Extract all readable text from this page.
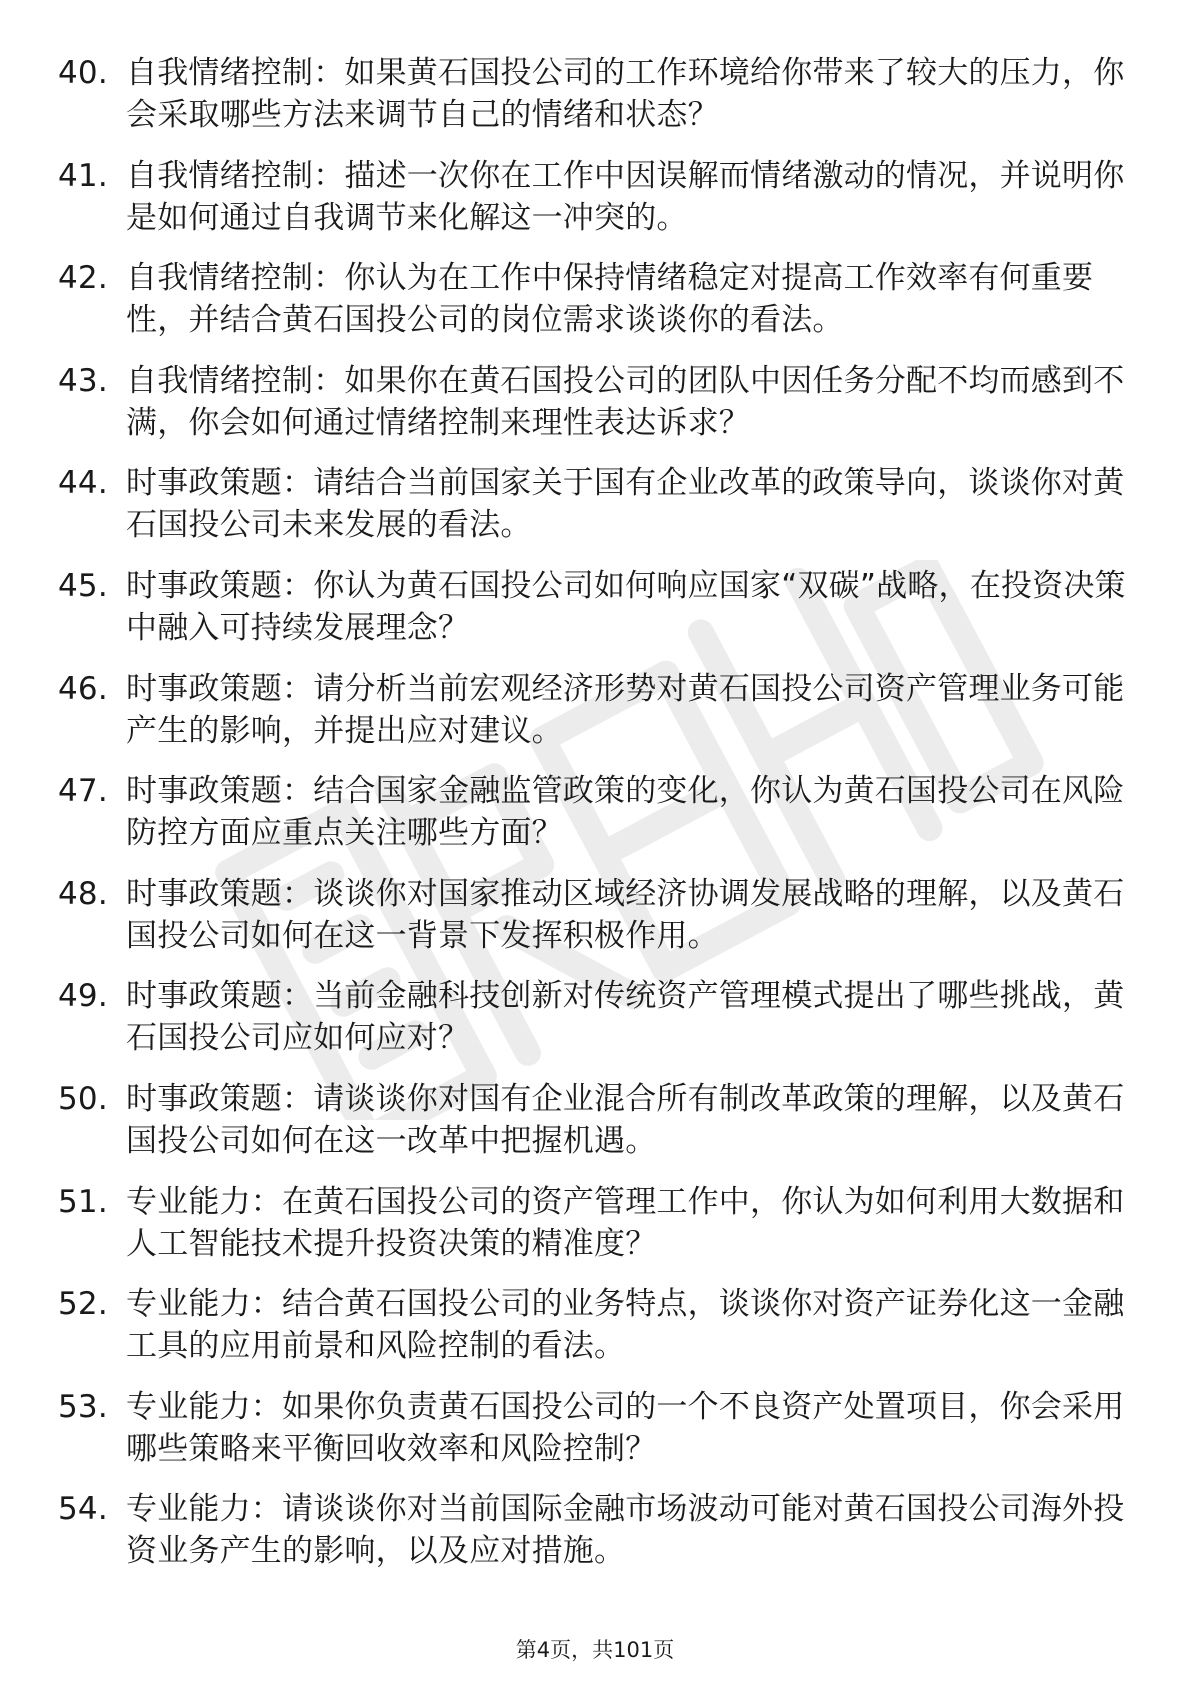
40. 自我情绪控制：如果黄石国投公司的工作环境给你带来了较大的压力，你会采取哪些方法来调节自己的情绪和状态？
41. 自我情绪控制：描述一次你在工作中因误解而情绪激动的情况，并说明你是如何通过自我调节来化解这一冲突的。
42. 自我情绪控制：你认为在工作中保持情绪稳定对提高工作效率有何重要性，并结合黄石国投公司的岗位需求谈谈你的看法。
43. 自我情绪控制：如果你在黄石国投公司的团队中因任务分配不均而感到不满，你会如何通过情绪控制来理性表达诉求？
44. 时事政策题：请结合当前国家关于国有企业改革的政策导向，谈谈你对黄石国投公司未来发展的看法。
45. 时事政策题：你认为黄石国投公司如何响应国家“双碳”战略，在投资决策中融入可持续发展理念？
46. 时事政策题：请分析当前宏观经济形势对黄石国投公司资产管理业务可能产生的影响，并提出应对建议。
47. 时事政策题：结合国家金融监管政策的变化，你认为黄石国投公司在风险防控方面应重点关注哪些方面？
48. 时事政策题：谈谈你对国家推动区域经济协调发展战略的理解，以及黄石国投公司如何在这一背景下发挥积极作用。
49. 时事政策题：当前金融科技创新对传统资产管理模式提出了哪些挑战，黄石国投公司应如何应对？
50. 时事政策题：请谈谈你对国有企业混合所有制改革政策的理解，以及黄石国投公司如何在这一改革中把握机遇。
51. 专业能力：在黄石国投公司的资产管理工作中，你认为如何利用大数据和人工智能技术提升投资决策的精准度？
52. 专业能力：结合黄石国投公司的业务特点，谈谈你对资产证券化这一金融工具的应用前景和风险控制的看法。
53. 专业能力：如果你负责黄石国投公司的一个不良资产处置项目，你会采用哪些策略来平衡回收效率和风险控制？
54. 专业能力：请谈谈你对当前国际金融市场波动可能对黄石国投公司海外投资业务产生的影响，以及应对措施。
第4页，共101页
